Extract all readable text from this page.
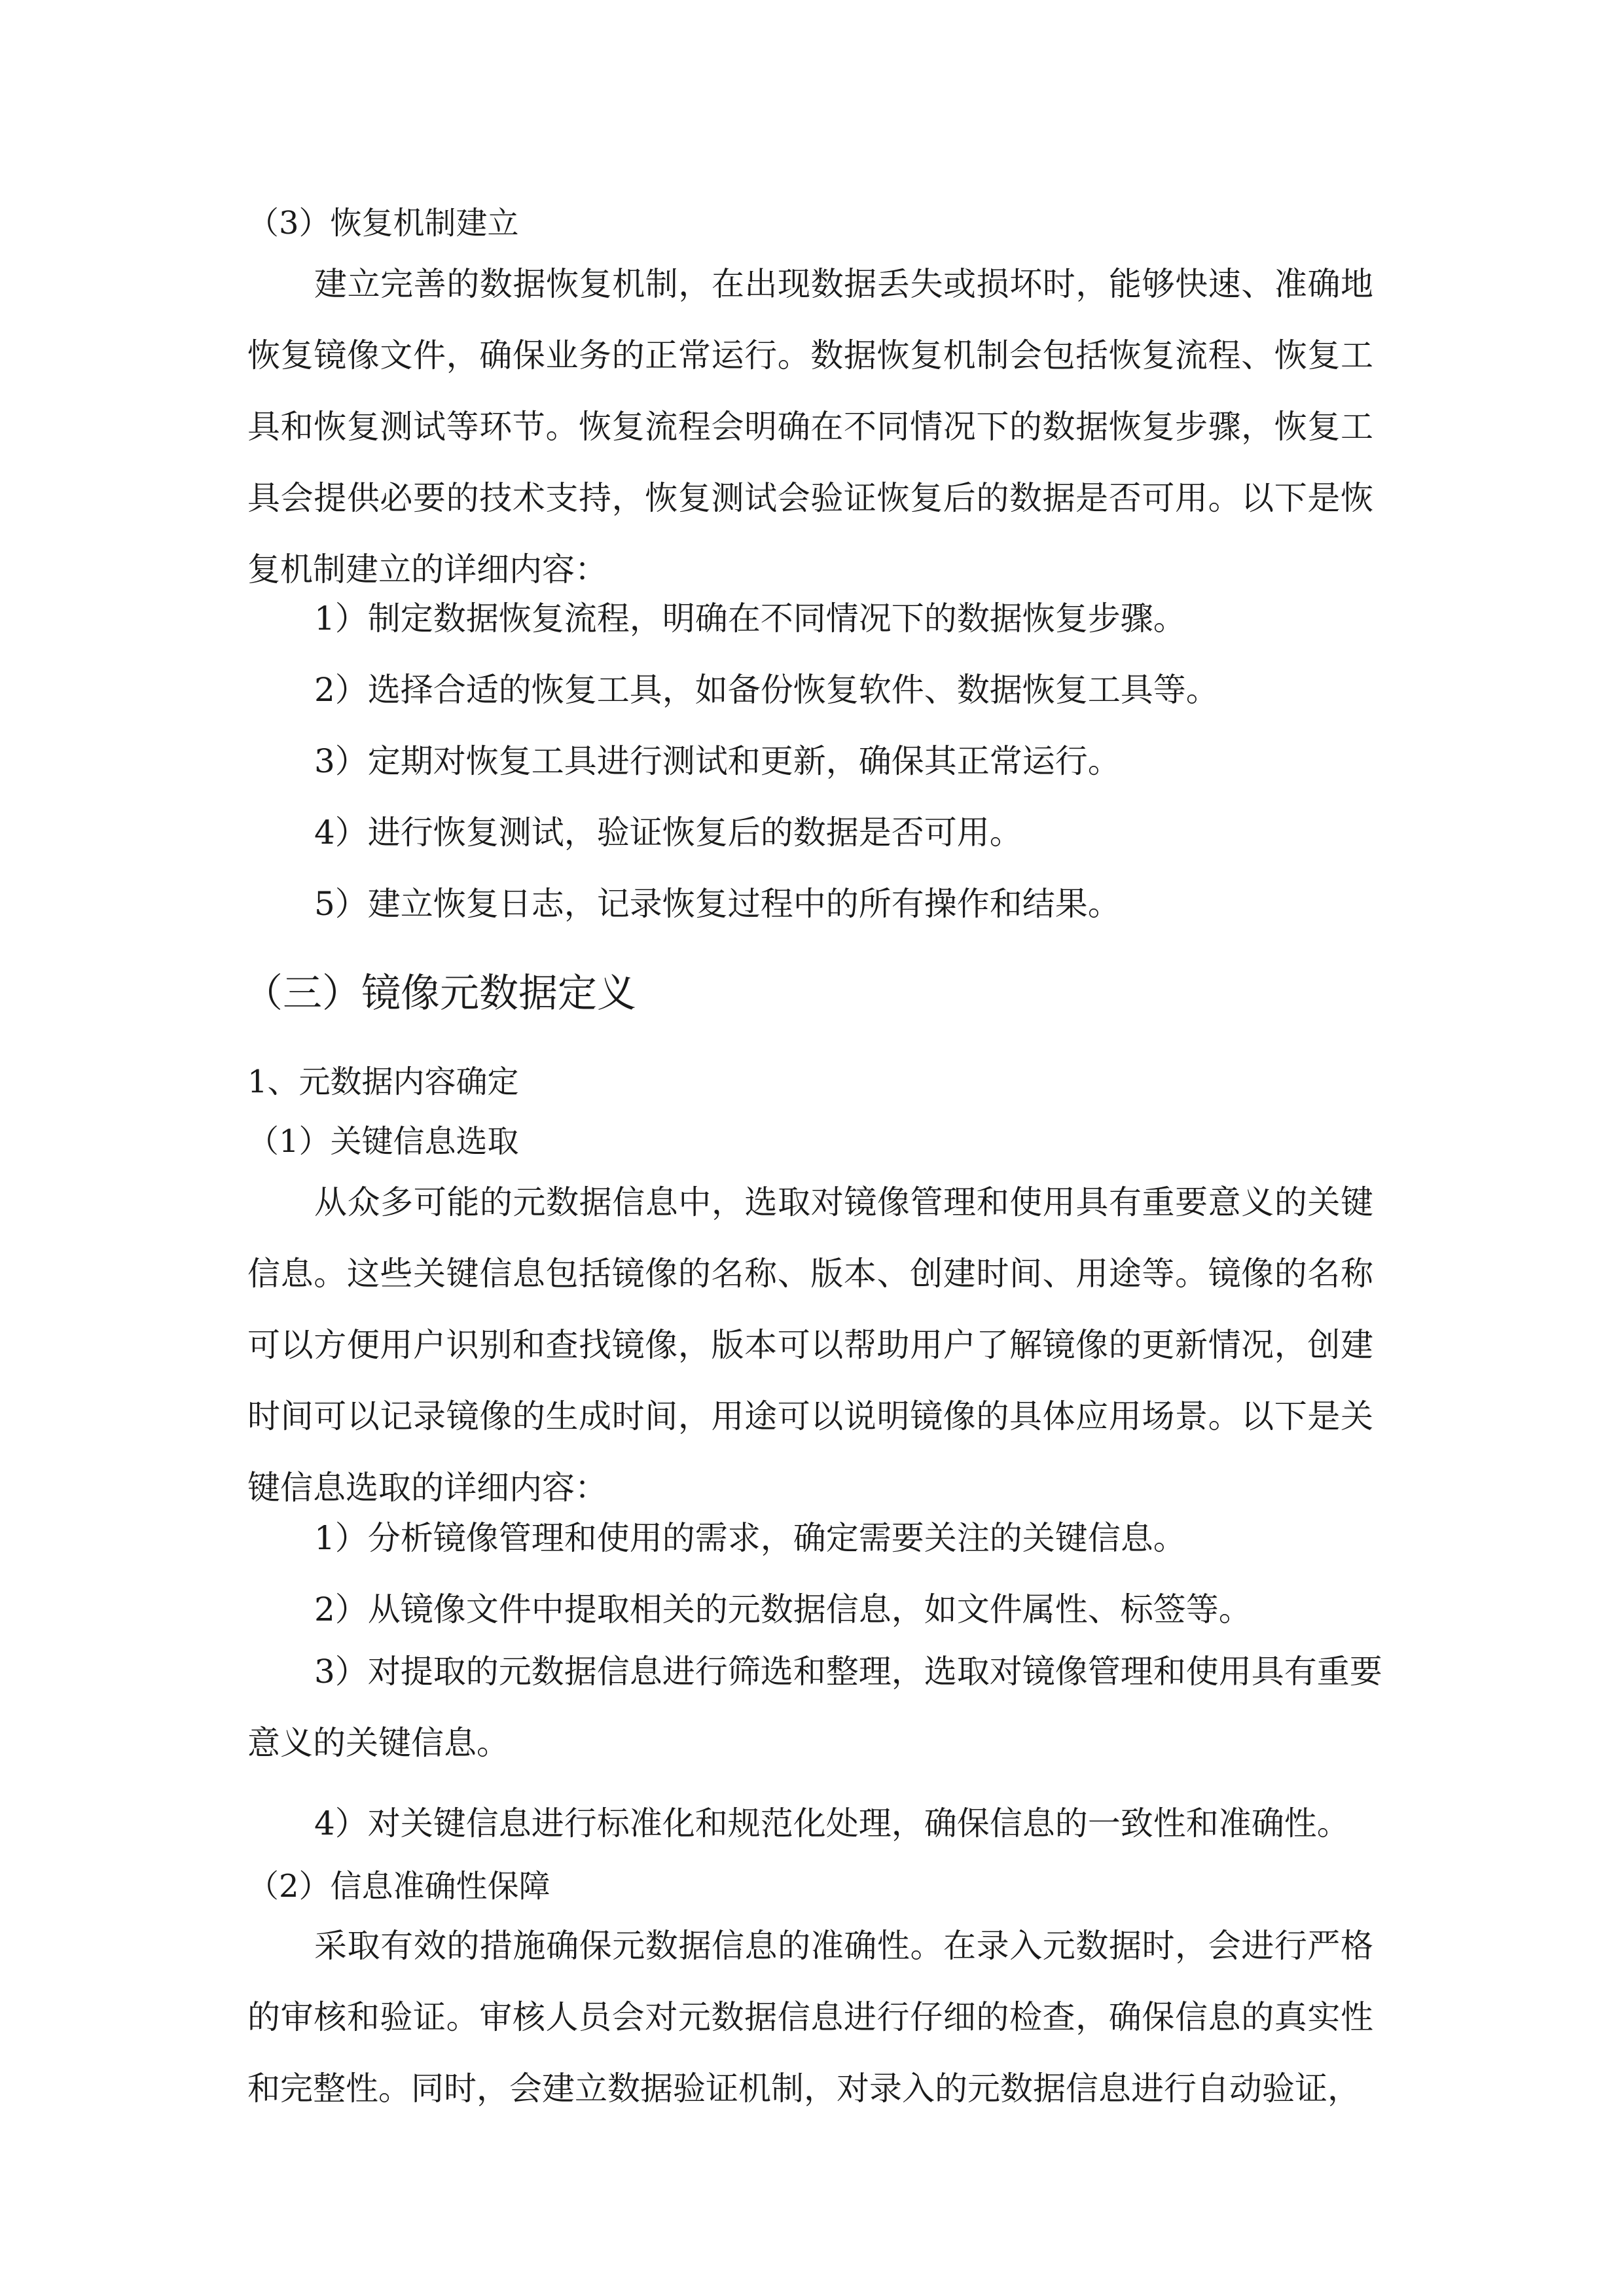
（3）恢复机制建立

建立完善的数据恢复机制，在出现数据丢失或损坏时，能够快速、准确地恢复镜像文件，确保业务的正常运行。数据恢复机制会包括恢复流程、恢复工具和恢复测试等环节。恢复流程会明确在不同情况下的数据恢复步骤，恢复工具会提供必要的技术支持，恢复测试会验证恢复后的数据是否可用。以下是恢复机制建立的详细内容：

1）制定数据恢复流程，明确在不同情况下的数据恢复步骤。

2）选择合适的恢复工具，如备份恢复软件、数据恢复工具等。

3）定期对恢复工具进行测试和更新，确保其正常运行。

4）进行恢复测试，验证恢复后的数据是否可用。

5）建立恢复日志，记录恢复过程中的所有操作和结果。

（三）镜像元数据定义

1、元数据内容确定

（1）关键信息选取

从众多可能的元数据信息中，选取对镜像管理和使用具有重要意义的关键信息。这些关键信息包括镜像的名称、版本、创建时间、用途等。镜像的名称可以方便用户识别和查找镜像，版本可以帮助用户了解镜像的更新情况，创建时间可以记录镜像的生成时间，用途可以说明镜像的具体应用场景。以下是关键信息选取的详细内容：

1）分析镜像管理和使用的需求，确定需要关注的关键信息。

2）从镜像文件中提取相关的元数据信息，如文件属性、标签等。

3）对提取的元数据信息进行筛选和整理，选取对镜像管理和使用具有重要意义的关键信息。

4）对关键信息进行标准化和规范化处理，确保信息的一致性和准确性。

（2）信息准确性保障

采取有效的措施确保元数据信息的准确性。在录入元数据时，会进行严格的审核和验证。审核人员会对元数据信息进行仔细的检查，确保信息的真实性和完整性。同时，会建立数据验证机制，对录入的元数据信息进行自动验证，
